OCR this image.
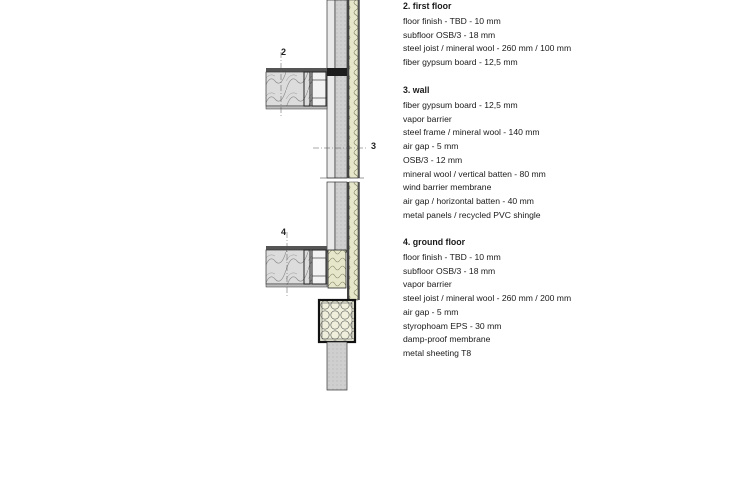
2
3
4
2. first floor
floor finish - TBD - 10 mm
subfloor OSB/3 - 18 mm
steel joist / mineral wool - 260 mm / 100 mm
fiber gypsum board - 12,5 mm
3. wall
fiber gypsum board - 12,5 mm
vapor barrier
steel frame / mineral wool - 140 mm
air gap - 5 mm
OSB/3 - 12 mm
mineral wool / vertical batten - 80 mm
wind barrier membrane
air gap / horizontal batten - 40 mm
metal panels / recycled PVC shingle
4. ground floor
floor finish - TBD - 10 mm
subfloor OSB/3 - 18 mm
vapor barrier
steel joist / mineral wool - 260 mm / 200 mm
air gap - 5 mm
styrophoam EPS - 30 mm
damp-proof membrane
metal sheeting T8
